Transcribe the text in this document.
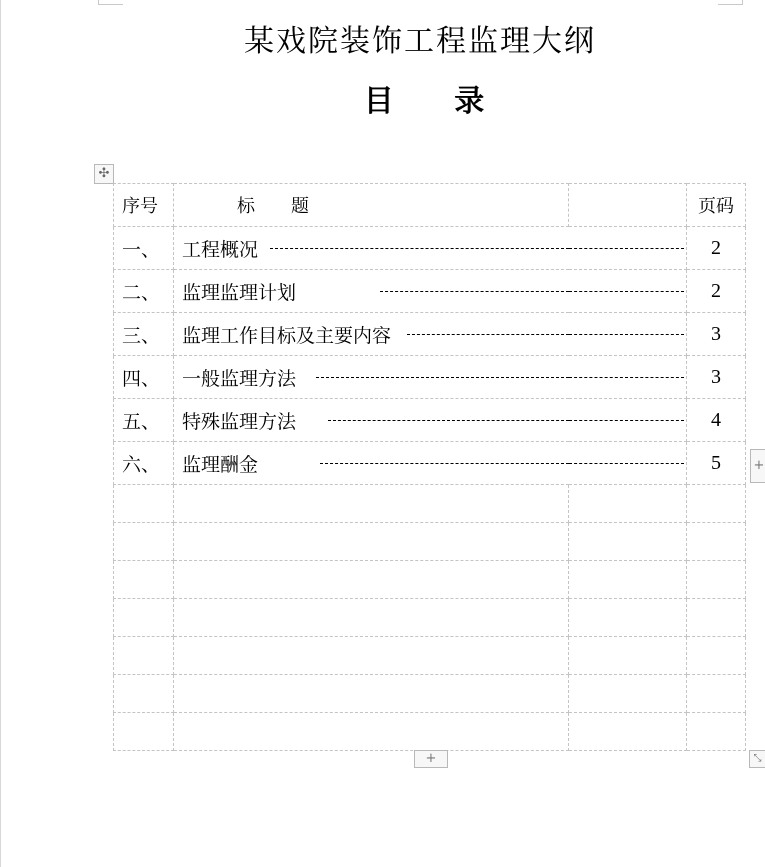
某戏院装饰工程监理大纲
目 录
✣
序号	标　　题		页码
一、	工程概况		2
二、	监理监理计划		2
三、	监理工作目标及主要内容		3
四、	一般监理方法		3
五、	特殊监理方法		4
六、	监理酬金		5

				+
+	⤡
